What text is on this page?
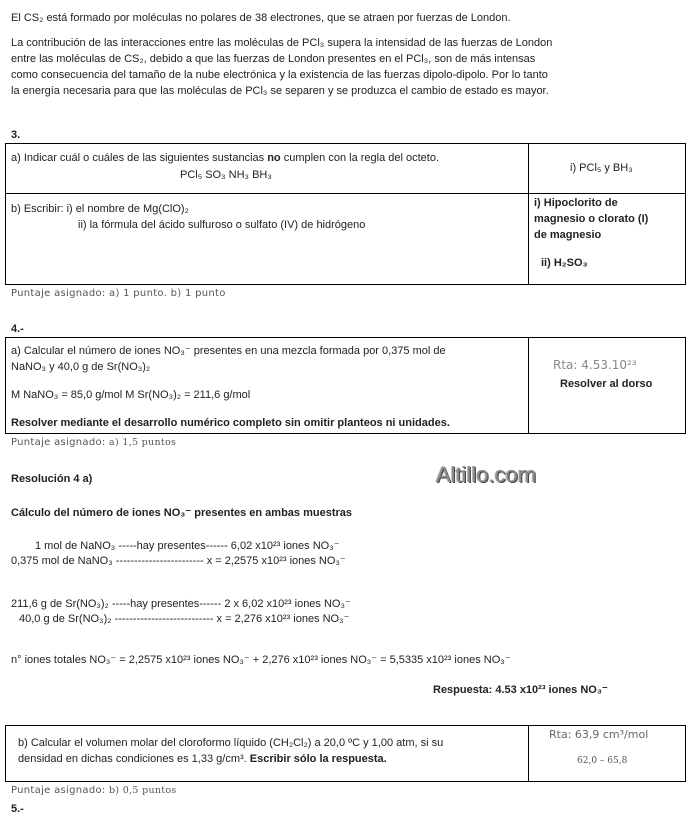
El CS₂ está formado por moléculas no polares de 38 electrones, que se atraen por fuerzas de London.
La contribución de las interacciones entre las moléculas de PCl₃ supera la intensidad de las fuerzas de London
entre las moléculas de CS₂, debido a que las fuerzas de London presentes en el PCl₃, son de más intensas
como consecuencia del tamaño de la nube electrónica y la existencia de las fuerzas dipolo-dipolo. Por lo tanto
la energía necesaria para que las moléculas de PCl₃ se separen y se produzca el cambio de estado es mayor.
3.
a) Indicar cuál o cuáles de las siguientes sustancias no cumplen con la regla del octeto.
PCl₅ SO₃ NH₃ BH₃
i) PCl₅ y BH₃
b) Escribir: i) el nombre de Mg(ClO)₂
ii) la fórmula del ácido sulfuroso o sulfato (IV) de hidrógeno
i) Hipoclorito de
magnesio o clorato (I)
de magnesio
ii) H₂SO₃
Puntaje asignado: a) 1 punto. b) 1 punto
4.-
a) Calcular el número de iones NO₃⁻ presentes en una mezcla formada por 0,375 mol de
NaNO₃ y 40,0 g de Sr(NO₃)₂
M NaNO₃ = 85,0 g/mol M Sr(NO₃)₂ = 211,6 g/mol
Resolver mediante el desarrollo numérico completo sin omitir planteos ni unidades.
Rta: 4.53.10²³
Resolver al dorso
Puntaje asignado: a) 1,5 puntos
Resolución 4 a)	Altillo.com
Cálculo del número de iones NO₃⁻ presentes en ambas muestras
1 mol de NaNO₃ -----hay presentes------ 6,02 x10²³ iones NO₃⁻
0,375 mol de NaNO₃ ------------------------ x = 2,2575 x10²³ iones NO₃⁻
211,6 g de Sr(NO₃)₂ -----hay presentes------ 2 x 6,02 x10²³ iones NO₃⁻
40,0 g de Sr(NO₃)₂ --------------------------- x = 2,276 x10²³ iones NO₃⁻
n° iones totales NO₃⁻ = 2,2575 x10²³ iones NO₃⁻ + 2,276 x10²³ iones NO₃⁻ = 5,5335 x10²³ iones NO₃⁻
Respuesta: 4.53 x10²³ iones NO₃⁻
b) Calcular el volumen molar del cloroformo líquido (CH₂Cl₂) a 20,0 ºC y 1,00 atm, si su
densidad en dichas condiciones es 1,33 g/cm³. Escribir sólo la respuesta.
Rta: 63,9 cm³/mol
62,0 – 65,8
Puntaje asignado: b) 0,5 puntos
5.-
